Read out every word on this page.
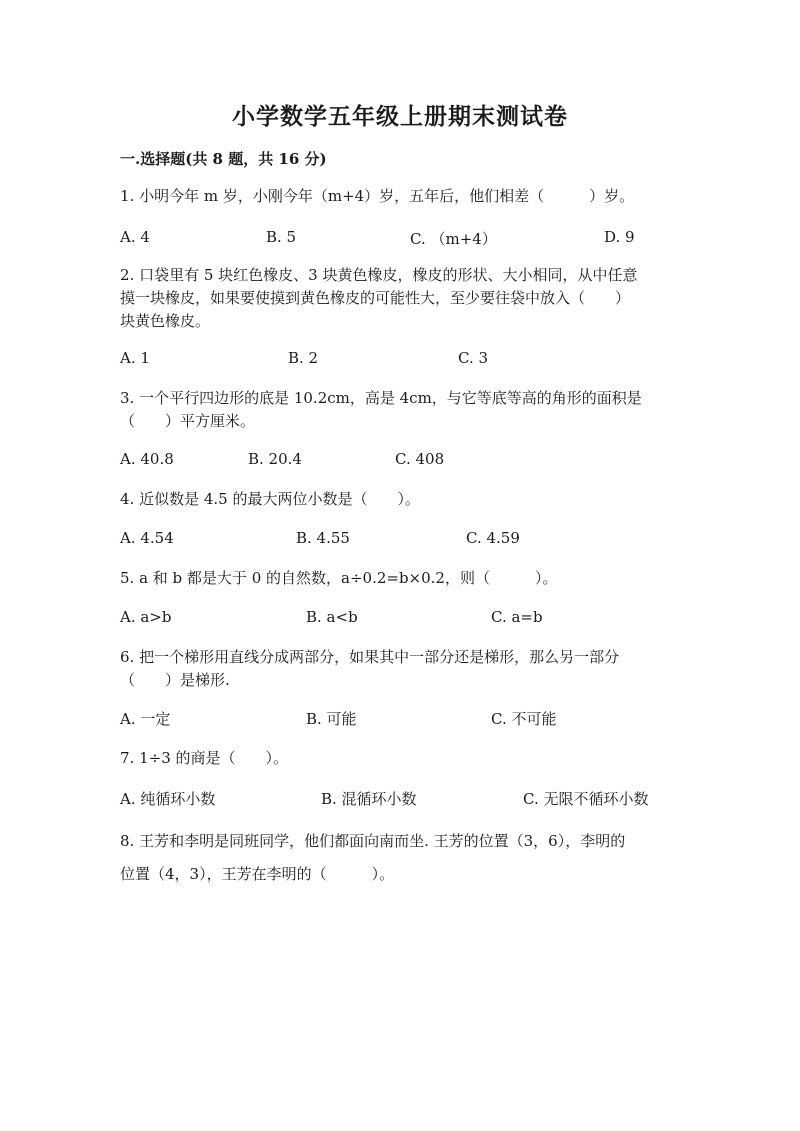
小学数学五年级上册期末测试卷
一.选择题(共 8 题，共 16 分)
1. 小明今年 m 岁，小刚今年（m+4）岁，五年后，他们相差（　　　）岁。
A. 4	B. 5	C. （m+4）	D. 9
2. 口袋里有 5 块红色橡皮、3 块黄色橡皮，橡皮的形状、大小相同，从中任意
摸一块橡皮，如果要使摸到黄色橡皮的可能性大，至少要往袋中放入（　　）
块黄色橡皮。
A. 1	B. 2	C. 3
3. 一个平行四边形的底是 10.2cm，高是 4cm，与它等底等高的角形的面积是
（　　）平方厘米。
A. 40.8	B. 20.4	C. 408
4. 近似数是 4.5 的最大两位小数是（　　）。
A. 4.54	B. 4.55	C. 4.59
5. a 和 b 都是大于 0 的自然数，a÷0.2=b×0.2，则（　　　）。
A. a>b	B. a<b	C. a=b
6. 把一个梯形用直线分成两部分，如果其中一部分还是梯形，那么另一部分
（　　）是梯形.
A. 一定	B. 可能	C. 不可能
7. 1÷3 的商是（　　）。
A. 纯循环小数	B. 混循环小数	C. 无限不循环小数
8. 王芳和李明是同班同学，他们都面向南而坐. 王芳的位置（3，6），李明的
位置（4，3），王芳在李明的（　　　）。
